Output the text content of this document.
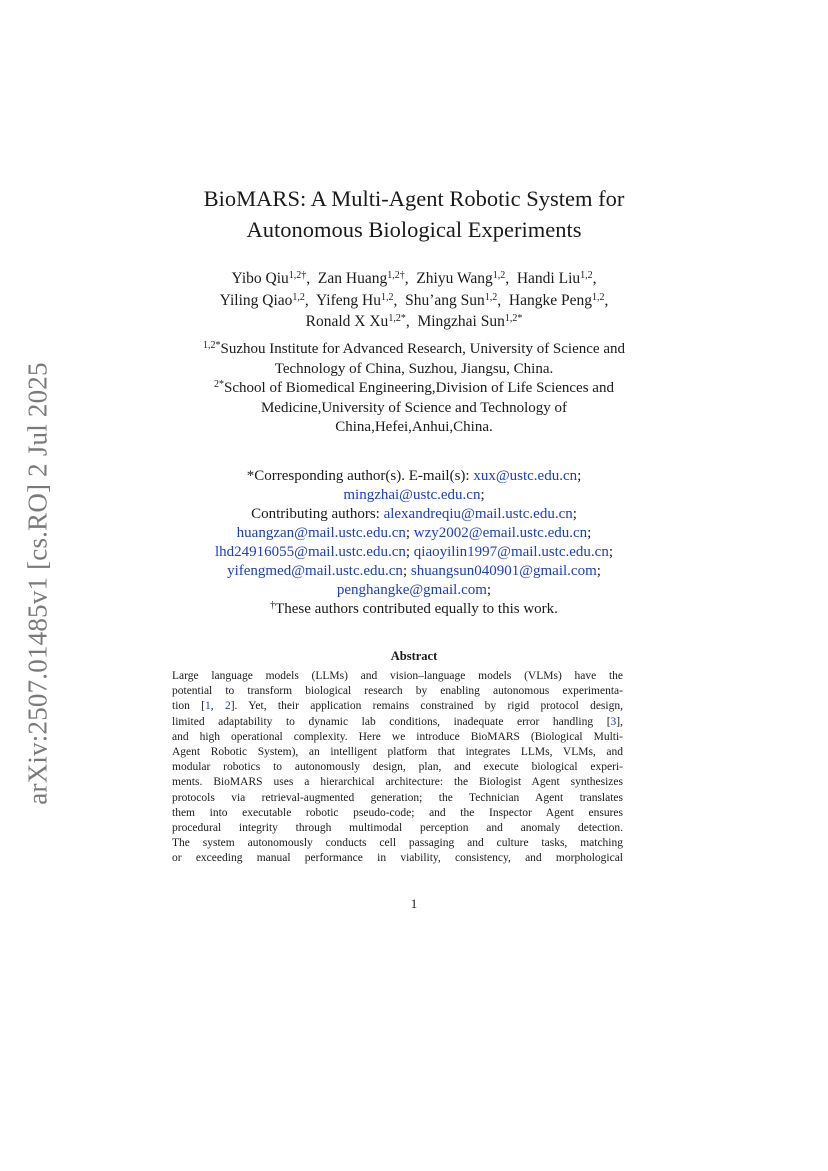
arXiv:2507.01485v1 [cs.RO] 2 Jul 2025
BioMARS: A Multi-Agent Robotic System for
Autonomous Biological Experiments
Yibo Qiu$^{1,2\dagger}$, Zan Huang$^{1,2\dagger}$, Zhiyu Wang$^{1,2}$, Handi Liu$^{1,2}$,
Yiling Qiao$^{1,2}$, Yifeng Hu$^{1,2}$, Shu’ang Sun$^{1,2}$, Hangke Peng$^{1,2}$,
Ronald X $Xu^{1,2*}$, Mingzhai Sun$^{1,2*}$
$^{1,2*}$Suzhou Institute for Advanced Research, University of Science and
Technology of China, Suzhou, Jiangsu, China.
$^{2*}$School of Biomedical Engineering,Division of Life Sciences and
Medicine,University of Science and Technology of
China,Hefei,Anhui,China.
*Corresponding author(s). E-mail(s): xux@ustc.edu.cn;
mingzhai@ustc.edu.cn;
Contributing authors: alexandreqiu@mail.ustc.edu.cn;
huangzan@mail.ustc.edu.cn; wzy2002@email.ustc.edu.cn;
lhd24916055@mail.ustc.edu.cn; qiaoyilin1997@mail.ustc.edu.cn;
yifengmed@mail.ustc.edu.cn; shuangsun040901@gmail.com;
penghangke@gmail.com;
†These authors contributed equally to this work.
Abstract
Large language models (LLMs) and vision–language models (VLMs) have the
potential to transform biological research by enabling autonomous experimenta-
tion [1, 2]. Yet, their application remains constrained by rigid protocol design,
limited adaptability to dynamic lab conditions, inadequate error handling [3],
and high operational complexity. Here we introduce BioMARS (Biological Multi-
Agent Robotic System), an intelligent platform that integrates LLMs, VLMs, and
modular robotics to autonomously design, plan, and execute biological experi-
ments. BioMARS uses a hierarchical architecture: the Biologist Agent synthesizes
protocols via retrieval-augmented generation; the Technician Agent translates
them into executable robotic pseudo-code; and the Inspector Agent ensures
procedural integrity through multimodal perception and anomaly detection.
The system autonomously conducts cell passaging and culture tasks, matching
or exceeding manual performance in viability, consistency, and morphological
1
